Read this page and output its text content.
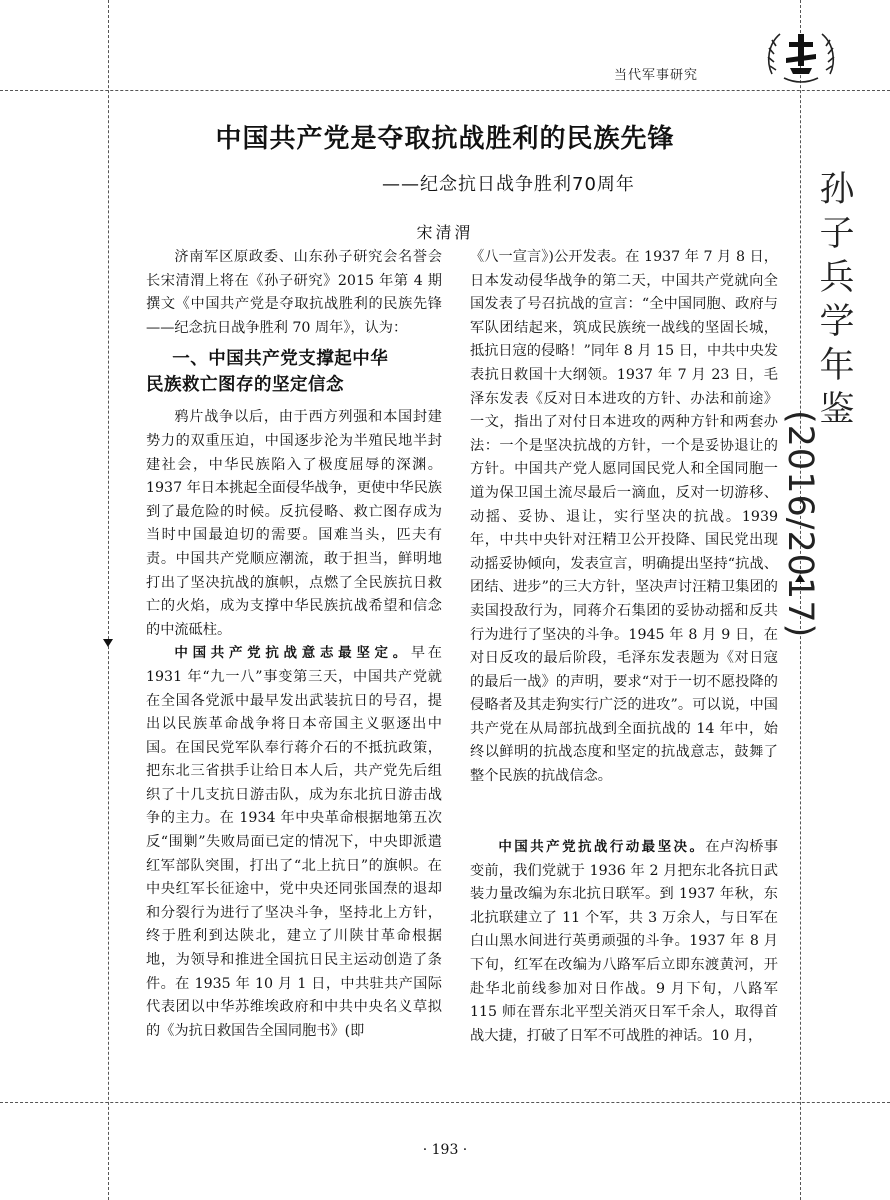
当代军事研究
中国共产党是夺取抗战胜利的民族先锋
——纪念抗日战争胜利70周年
宋清渭

济南军区原政委、山东孙子研究会名誉会长宋清渭上将在《孙子研究》2015 年第 4 期撰文《中国共产党是夺取抗战胜利的民族先锋——纪念抗日战争胜利 70 周年》，认为：

一、中国共产党支撑起中华
民族救亡图存的坚定信念

鸦片战争以后，由于西方列强和本国封建势力的双重压迫，中国逐步沦为半殖民地半封建社会，中华民族陷入了极度屈辱的深渊。1937 年日本挑起全面侵华战争，更使中华民族到了最危险的时候。反抗侵略、救亡图存成为当时中国最迫切的需要。国难当头，匹夫有责。中国共产党顺应潮流，敢于担当，鲜明地打出了坚决抗战的旗帜，点燃了全民族抗日救亡的火焰，成为支撑中华民族抗战希望和信念的中流砥柱。

中国共产党抗战意志最坚定。早在 1931 年“九一八”事变第三天，中国共产党就在全国各党派中最早发出武装抗日的号召，提出以民族革命战争将日本帝国主义驱逐出中国。在国民党军队奉行蒋介石的不抵抗政策，把东北三省拱手让给日本人后，共产党先后组织了十几支抗日游击队，成为东北抗日游击战争的主力。在 1934 年中央革命根据地第五次反“围剿”失败局面已定的情况下，中央即派遣红军部队突围，打出了“北上抗日”的旗帜。在中央红军长征途中，党中央还同张国焘的退却和分裂行为进行了坚决斗争，坚持北上方针，终于胜利到达陕北，建立了川陕甘革命根据地，为领导和推进全国抗日民主运动创造了条件。在 1935 年 10 月 1 日，中共驻共产国际代表团以中华苏维埃政府和中共中央名义草拟的《为抗日救国告全国同胞书》(即

《八一宣言》)公开发表。在 1937 年 7 月 8 日，日本发动侵华战争的第二天，中国共产党就向全国发表了号召抗战的宣言：“全中国同胞、政府与军队团结起来，筑成民族统一战线的坚固长城，抵抗日寇的侵略！”同年 8 月 15 日，中共中央发表抗日救国十大纲领。1937 年 7 月 23 日，毛泽东发表《反对日本进攻的方针、办法和前途》一文，指出了对付日本进攻的两种方针和两套办法：一个是坚决抗战的方针，一个是妥协退让的方针。中国共产党人愿同国民党人和全国同胞一道为保卫国土流尽最后一滴血，反对一切游移、动摇、妥协、退让，实行坚决的抗战。1939 年，中共中央针对汪精卫公开投降、国民党出现动摇妥协倾向，发表宣言，明确提出坚持“抗战、团结、进步”的三大方针，坚决声讨汪精卫集团的卖国投敌行为，同蒋介石集团的妥协动摇和反共行为进行了坚决的斗争。1945 年 8 月 9 日，在对日反攻的最后阶段，毛泽东发表题为《对日寇的最后一战》的声明，要求“对于一切不愿投降的侵略者及其走狗实行广泛的进攻”。可以说，中国共产党在从局部抗战到全面抗战的 14 年中，始终以鲜明的抗战态度和坚定的抗战意志，鼓舞了整个民族的抗战信念。

中国共产党抗战行动最坚决。在卢沟桥事变前，我们党就于 1936 年 2 月把东北各抗日武装力量改编为东北抗日联军。到 1937 年秋，东北抗联建立了 11 个军，共 3 万余人，与日军在白山黑水间进行英勇顽强的斗争。1937 年 8 月下旬，红军在改编为八路军后立即东渡黄河，开赴华北前线参加对日作战。9 月下旬，八路军 115 师在晋东北平型关消灭日军千余人，取得首战大捷，打破了日军不可战胜的神话。10 月，

孙
子
兵
学
年
鉴
(2016/2017)
· 193 ·
